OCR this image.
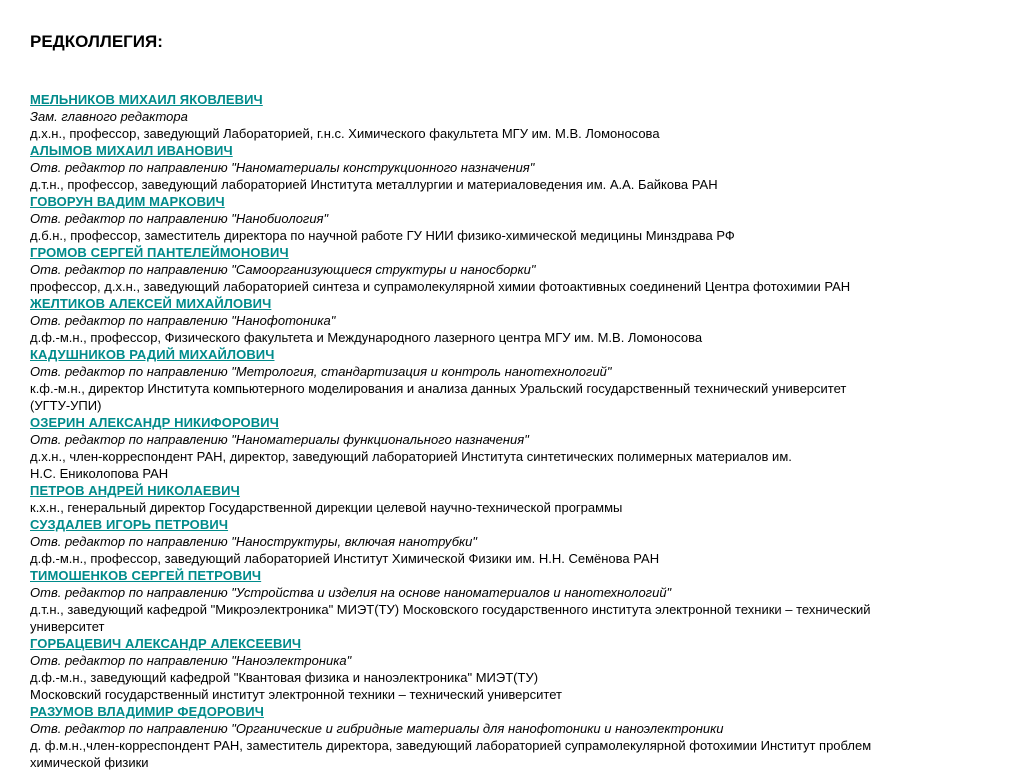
РЕДКОЛЛЕГИЯ:
МЕЛЬНИКОВ МИХАИЛ ЯКОВЛЕВИЧ
Зам. главного редактора
д.х.н., профессор, заведующий Лабораторией, г.н.с. Химического факультета МГУ им. М.В. Ломоносова
АЛЫМОВ МИХАИЛ ИВАНОВИЧ
Отв. редактор по направлению "Наноматериалы конструкционного назначения"
д.т.н., профессор, заведующий лабораторией Института металлургии и материаловедения им. А.А. Байкова РАН
ГОВОРУН ВАДИМ МАРКОВИЧ
Отв. редактор по направлению "Нанобиология"
д.б.н., профессор, заместитель директора по научной работе ГУ НИИ физико-химической медицины Минздрава РФ
ГРОМОВ СЕРГЕЙ ПАНТЕЛЕЙМОНОВИЧ
Отв. редактор по направлению "Самоорганизующиеся структуры и наносборки"
профессор, д.х.н., заведующий лабораторией синтеза и супрамолекулярной химии фотоактивных соединений Центра фотохимии РАН
ЖЕЛТИКОВ АЛЕКСЕЙ МИХАЙЛОВИЧ
Отв. редактор по направлению "Нанофотоника"
д.ф.-м.н., профессор, Физического факультета и Международного лазерного центра МГУ им. М.В. Ломоносова
КАДУШНИКОВ РАДИЙ МИХАЙЛОВИЧ
Отв. редактор по направлению "Метрология, стандартизация и контроль нанотехнологий"
к.ф.-м.н., директор Института компьютерного моделирования и анализа данных Уральский государственный технический университет
(УГТУ-УПИ)
ОЗЕРИН АЛЕКСАНДР НИКИФОРОВИЧ
Отв. редактор по направлению "Наноматериалы функционального назначения"
д.х.н., член-корреспондент РАН, директор, заведующий лабораторией Института синтетических полимерных материалов им.
Н.С. Ениколопова РАН
ПЕТРОВ АНДРЕЙ НИКОЛАЕВИЧ
к.х.н., генеральный директор Государственной дирекции целевой научно-технической программы
СУЗДАЛЕВ ИГОРЬ ПЕТРОВИЧ
Отв. редактор по направлению "Наноструктуры, включая нанотрубки"
д.ф.-м.н., профессор, заведующий лабораторией Институт Химической Физики им. Н.Н. Семёнова РАН
ТИМОШЕНКОВ СЕРГЕЙ ПЕТРОВИЧ
Отв. редактор по направлению "Устройства и изделия на основе наноматериалов и нанотехнологий"
д.т.н., заведующий кафедрой "Микроэлектроника" МИЭТ(ТУ) Московского государственного института электронной техники – технический
университет
ГОРБАЦЕВИЧ АЛЕКСАНДР АЛЕКСЕЕВИЧ
Отв. редактор по направлению "Наноэлектроника"
д.ф.-м.н., заведующий кафедрой "Квантовая физика и наноэлектроника" МИЭТ(ТУ)
Московский государственный институт электронной техники – технический университет
РАЗУМОВ ВЛАДИМИР ФЕДОРОВИЧ
Отв. редактор по направлению "Органические и гибридные материалы для нанофотоники и наноэлектроники
д. ф.м.н.,член-корреспондент РАН, заместитель директора, заведующий лабораторией супрамолекулярной фотохимии Институт проблем
химической физики
